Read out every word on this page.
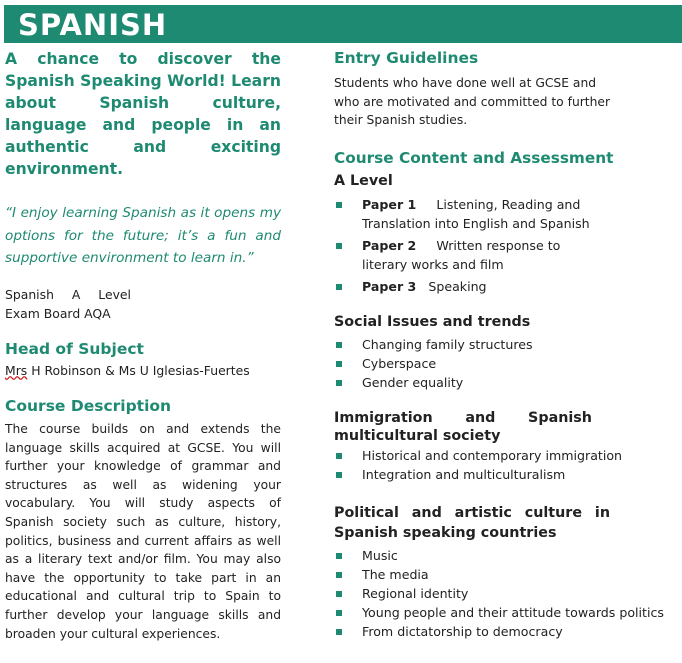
SPANISH

A chance to discover the Spanish Speaking World! Learn about Spanish culture, language and people in an authentic and exciting environment.

“I enjoy learning Spanish as it opens my options for the future; it’s a fun and supportive environment to learn in.”

Spanish A Level

Exam Board AQA

Head of Subject

Mrs H Robinson & Ms U Iglesias-Fuertes

Course Description

The course builds on and extends the language skills acquired at GCSE. You will further your knowledge of grammar and structures as well as widening your vocabulary. You will study aspects of Spanish society such as culture, history, politics, business and current affairs as well as a literary text and/or film. You may also have the opportunity to take part in an educational and cultural trip to Spain to further develop your language skills and broaden your cultural experiences.

Entry Guidelines

Students who have done well at GCSE and who are motivated and committed to further their Spanish studies.

Course Content and Assessment

A Level

Paper 1 Listening, Reading and Translation into English and Spanish
Paper 2 Written response to literary works and film
Paper 3 Speaking

Social Issues and trends

Changing family structures
Cyberspace
Gender equality

Immigration and Spanish multicultural society

Historical and contemporary immigration
Integration and multiculturalism

Political and artistic culture in Spanish speaking countries

Music
The media
Regional identity
Young people and their attitude towards politics
From dictatorship to democracy
